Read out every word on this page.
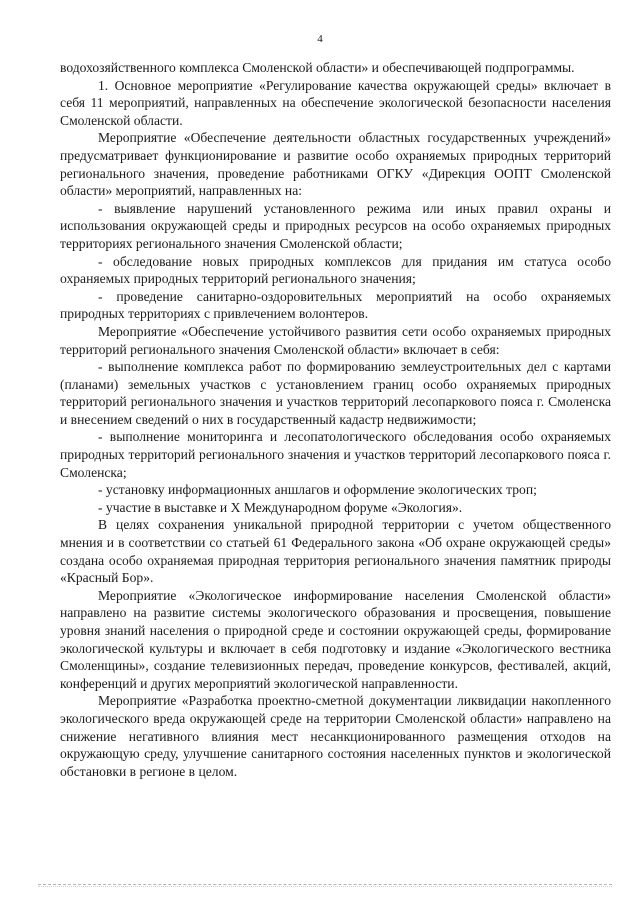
4

водохозяйственного комплекса Смоленской области» и обеспечивающей подпрограммы.

1. Основное мероприятие «Регулирование качества окружающей среды» включает в себя 11 мероприятий, направленных на обеспечение экологической безопасности населения Смоленской области.

Мероприятие «Обеспечение деятельности областных государственных учреждений» предусматривает функционирование и развитие особо охраняемых природных территорий регионального значения, проведение работниками ОГКУ «Дирекция ООПТ Смоленской области» мероприятий, направленных на:

- выявление нарушений установленного режима или иных правил охраны и использования окружающей среды и природных ресурсов на особо охраняемых природных территориях регионального значения Смоленской области;

- обследование новых природных комплексов для придания им статуса особо охраняемых природных территорий регионального значения;

- проведение санитарно-оздоровительных мероприятий на особо охраняемых природных территориях с привлечением волонтеров.

Мероприятие «Обеспечение устойчивого развития сети особо охраняемых природных территорий регионального значения Смоленской области» включает в себя:

- выполнение комплекса работ по формированию землеустроительных дел с картами (планами) земельных участков с установлением границ особо охраняемых природных территорий регионального значения и участков территорий лесопаркового пояса г. Смоленска и внесением сведений о них в государственный кадастр недвижимости;

- выполнение мониторинга и лесопатологического обследования особо охраняемых природных территорий регионального значения и участков территорий лесопаркового пояса г. Смоленска;

- установку информационных аншлагов и оформление экологических троп;

- участие в выставке и X Международном форуме «Экология».

В целях сохранения уникальной природной территории с учетом общественного мнения и в соответствии со статьей 61 Федерального закона «Об охране окружающей среды» создана особо охраняемая природная территория регионального значения памятник природы «Красный Бор».

Мероприятие «Экологическое информирование населения Смоленской области» направлено на развитие системы экологического образования и просвещения, повышение уровня знаний населения о природной среде и состоянии окружающей среды, формирование экологической культуры и включает в себя подготовку и издание «Экологического вестника Смоленщины», создание телевизионных передач, проведение конкурсов, фестивалей, акций, конференций и других мероприятий экологической направленности.

Мероприятие «Разработка проектно-сметной документации ликвидации накопленного экологического вреда окружающей среде на территории Смоленской области» направлено на снижение негативного влияния мест несанкционированного размещения отходов на окружающую среду, улучшение санитарного состояния населенных пунктов и экологической обстановки в регионе в целом.
